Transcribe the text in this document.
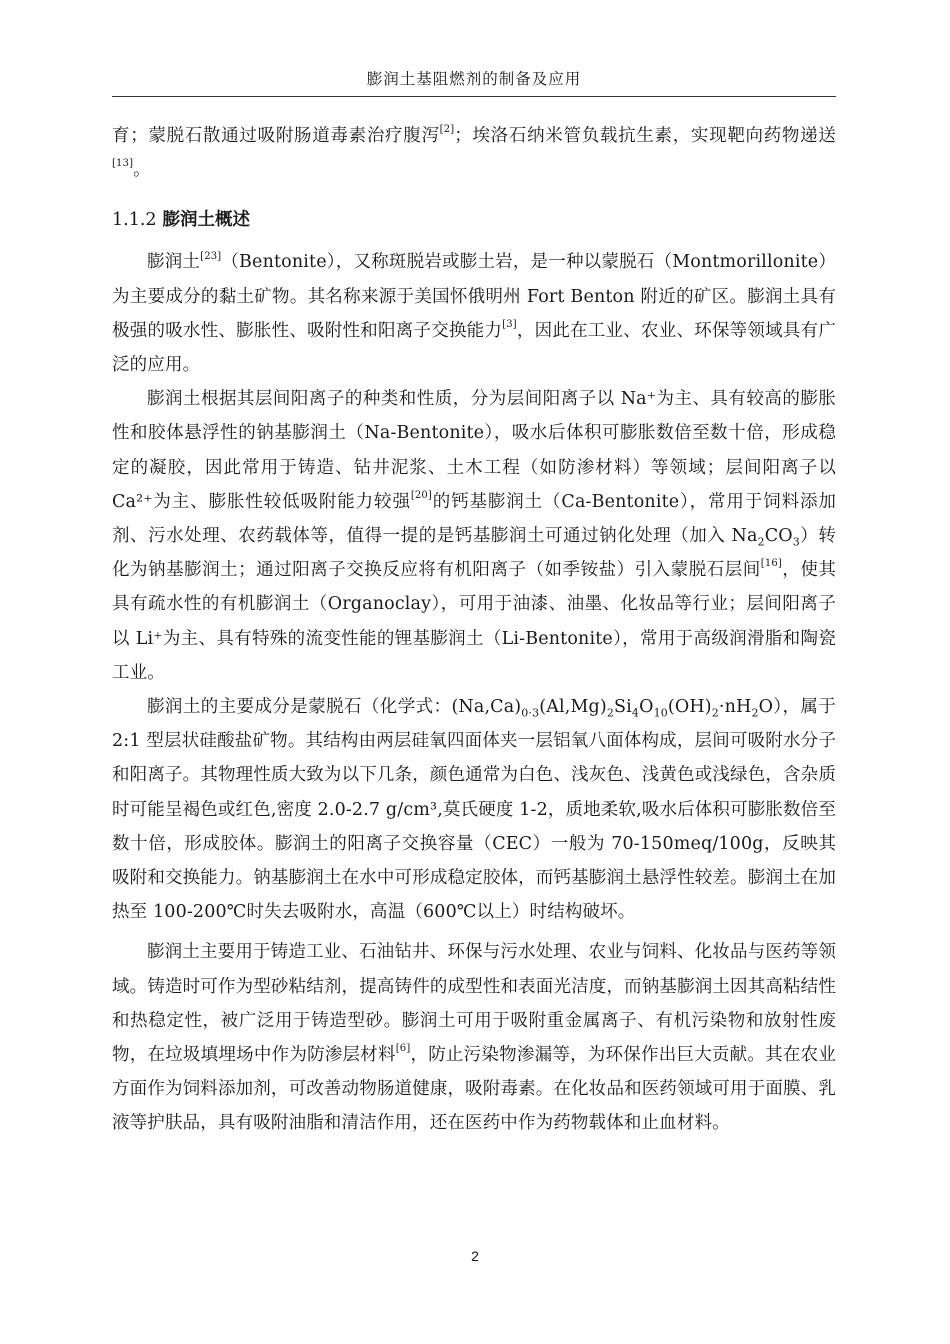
膨润土基阻燃剂的制备及应用

育；蒙脱石散通过吸附肠道毒素治疗腹泻[2]；埃洛石纳米管负载抗生素，实现靶向药物递送[13]。

1.1.2 膨润土概述

膨润土[23]（Bentonite），又称斑脱岩或膨土岩，是一种以蒙脱石（Montmorillonite）为主要成分的黏土矿物。其名称来源于美国怀俄明州 Fort Benton 附近的矿区。膨润土具有极强的吸水性、膨胀性、吸附性和阳离子交换能力[3]，因此在工业、农业、环保等领域具有广泛的应用。

膨润土根据其层间阳离子的种类和性质，分为层间阳离子以 Na⁺为主、具有较高的膨胀性和胶体悬浮性的钠基膨润土（Na-Bentonite），吸水后体积可膨胀数倍至数十倍，形成稳定的凝胶，因此常用于铸造、钻井泥浆、土木工程（如防渗材料）等领域；层间阳离子以 Ca²⁺为主、膨胀性较低吸附能力较强[20]的钙基膨润土（Ca-Bentonite），常用于饲料添加剂、污水处理、农药载体等，值得一提的是钙基膨润土可通过钠化处理（加入 $Na_2CO_3$）转化为钠基膨润土；通过阳离子交换反应将有机阳离子（如季铵盐）引入蒙脱石层间[16]，使其具有疏水性的有机膨润土（Organoclay），可用于油漆、油墨、化妆品等行业；层间阳离子以 Li⁺为主、具有特殊的流变性能的锂基膨润土（Li-Bentonite），常用于高级润滑脂和陶瓷工业。

膨润土的主要成分是蒙脱石（化学式：$(Na,Ca)_{0\cdot 3}(Al,Mg)_2Si_4O_{10}(OH)_2\cdot nH_2O$），属于 2:1 型层状硅酸盐矿物。其结构由两层硅氧四面体夹一层铝氧八面体构成，层间可吸附水分子和阳离子。其物理性质大致为以下几条，颜色通常为白色、浅灰色、浅黄色或浅绿色，含杂质时可能呈褐色或红色,密度 2.0-2.7 g/cm³,莫氏硬度 1-2，质地柔软,吸水后体积可膨胀数倍至数十倍，形成胶体。膨润土的阳离子交换容量（CEC）一般为 70-150meq/100g，反映其吸附和交换能力。钠基膨润土在水中可形成稳定胶体，而钙基膨润土悬浮性较差。膨润土在加热至 100-200℃时失去吸附水，高温（600℃以上）时结构破坏。

膨润土主要用于铸造工业、石油钻井、环保与污水处理、农业与饲料、化妆品与医药等领域。铸造时可作为型砂粘结剂，提高铸件的成型性和表面光洁度，而钠基膨润土因其高粘结性和热稳定性，被广泛用于铸造型砂。膨润土可用于吸附重金属离子、有机污染物和放射性废物，在垃圾填埋场中作为防渗层材料[6]，防止污染物渗漏等，为环保作出巨大贡献。其在农业方面作为饲料添加剂，可改善动物肠道健康，吸附毒素。在化妆品和医药领域可用于面膜、乳液等护肤品，具有吸附油脂和清洁作用，还在医药中作为药物载体和止血材料。

2
